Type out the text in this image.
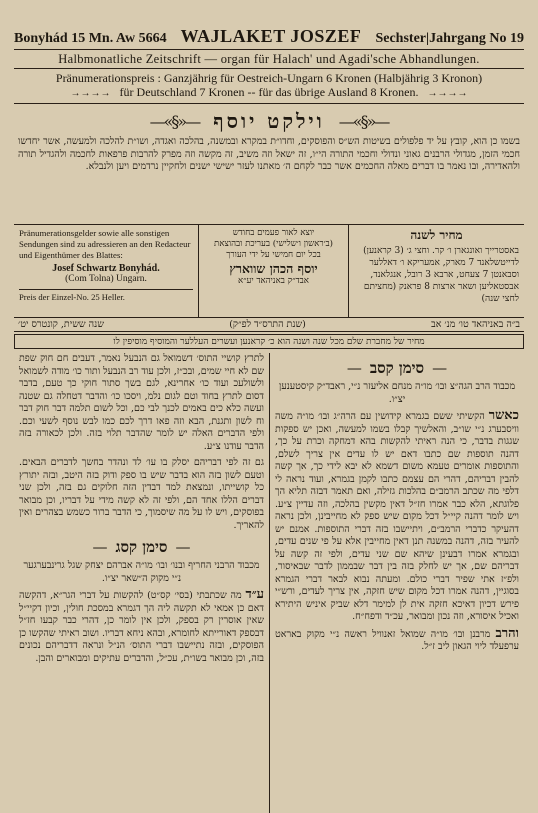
Bonyhád 15 Mn. Aw 5664 WAJLAKET JOSZEF Sechster|Jahrgang No 19
Halbmonatliche Zeitschrift — organ für Halach' und Agadi'sche Abhandlungen.
Pränumerationspreis : Ganzjährig für Oestreich-Ungarn 6 Kronen (Halbjährig 3 Kronon)
→→→→ für Deutschland 7 Kronen -- für das übrige Ausland 8 Kronen. →→→→
—«§»—
וילקט יוסף
—«§»—
בשמו כן הוא, קובץ על יד פלפולים בשיטות הש״ס והפוסקים, וחדו״ת במקרא ובמשנה, בהלכה ואגדה, ושו״ת להלכה ולמעשה, אשר יחדשו חכמי הזמן, מגדולי הרבנים גאוני ונדולי וחכמי התורה הי״ו, זה ישאל וזה משיב, זה מקשה וזה מפרק להרבות פרפאות לחכמה ולהגדיל תורה ולהאדירה, ובו נאמר בו דברים מאלה החכמים אשר כבר לקחם ה׳ מאתנו לעזר ישישי ישנים ולחקיין נרדמים ויען ולנבלא.
מחיר לשנה
באסטרייך ואונגארן ו׳ קר. וחצי ג׳ (3 קראנען) לדייטשלאנד 7 מארק, אמעריקא ו׳ דאללער וסבאנטן 7 צעחט, ארבא 3 רובל, אנגלאנד, אבסטאליען ושאר ארצות 8 פראנק (מחציתם לחצי שנה)
יוצא לאור פעמים בחודש
(ב׳ראשון ו׳שלישי) בעריכת ובהוצאת
בכל יום חמישי על ידי העורך
יוסף הכהן שווארץ
אבד״ק באניהאד יע״א
Pränumerationsgelder sowie alle sonstigen Sendungen sind zu adressieren an den Redacteur und Eigenthümer des Blattes:
Josef Schwartz Bonyhád.
(Com Tolna) Ungarn.
Preis der Einzel-No. 25 Heller.
ב״ה באניהאד טו׳ מנ׳ אב
(שנת התרס״ד לפ״ק)
שנה ששית, קונטרס יט׳
מחיר של מחברת שלם מכל שנה ושנה הוא כ׳ קראנען ועשרים העללער והמוסיף מוסיפין לו
—סימן קסב—
מכבוד הרב הגה״צ ובו׳ מו״ה מנחם אליעזר נ״י, ראבד״ק קיסטענען יצ״ו.
כאשר הקשיתי ששם בגמרא קידושין עם הרה״ג ובו׳ מו״ה משה וויסבערג נ״י שו״ב, והאלשיך קבלו בשמו למעשה, ואכן יש ספקות שגגות בדבר, כי הנה ראיתי להקשות בהא דמחקה וכרת על כך, דהנה תוספות שם כתבו דאם יש לו עדים אין צריך לשלם, והתוספות אומרים טעמא משום דשמא לא יבא לידי כך, אך קשה להבין דבריהם, דהרי הם עצמם כתבו לקמן בגמרא, ועוד נראה לי דלפי מה שכתב הרמב״ם בהלכות גזילה, ואם תאמר דבזה תליא הך פלוגתא, הלא כבר אמרו חז״ל דאין מקשין בהלכה, וזה עדיין צ״ע. ויש לומר דהנה קיי״ל דכל מקום שיש ספק לא מחייבינן, ולכן נראה דהעיקר כדברי הרמב״ם, ויתיישבו בזה דברי התוספות. אמנם יש להעיר בזה, דהנה במשנה תנן דאין מחייבין אלא על פי שנים עדים, ובגמרא אמרו דבעינן שיהא שם שני עדים, ולפי זה קשה על דבריהם שם, אך יש לחלק בזה בין דבר שבממון לדבר שבאיסור, ולפ״ז אתי שפיר דברי כולם. ומעתה נבוא לבאר דברי הגמרא בסוגיין, דהנה אמרו דכל מקום שיש חזקה, אין צריך לעדים, ורש״י פירש דכיון דאיכא חזקה אית לן למימר דלא שביק איניש היתירא ואכיל איסורא, וזה נכון ומבואר, עכ״ד ודפח״ח.
והרב מרבנן ובו׳ מו״ה שמואל זאנוויל ראשה נ״י מקוק באראט ערפעלד ליוי הגאון ליב ז״ל.
לתרץ קושיי התוס׳ דשמואל גם הנבעל נאמר, דעבים חם חוק שפת שם לא חיי שמים, ובכ״ז, ולכן עוד רב הנבעל ותור כו׳ מודה לשמואל ולשולעכ ועוד כו׳ אחרינא, לגם בשך סתור חוקי כך טעם, בדבר דסום לתרץ בחוד וטם לגום נלמ, ויסכו כו׳ והדבר דטחלה גם שטנה ועשה כלא כים באמים לכנך לבי כם, וכל לשום תלמה דבר חוק דבר וח לשון ותגנת, הבא וזה פאו דרך לכם כמו לבש נוסף לשעי וכם. ולפי הדברים האלה יש לומר שהדבר תלוי בזה. ולכן לכאורה בזה הדבר עודנו צ״ע.
גם זה לפי דבריהם יסלק בו עו׳ לד ונהדר בחשך לדברים הבאים. וטעם לשון בזה הוא בדבר שיש בו ספק ודוק בזה היטב, ובזה יתורץ כל קושייתו, ונמצאת למד דבדין הזה חלוקים גם בזה, ולכן שני דברים הללו אחד הם, ולפי זה לא קשה מידי על דבריו, וכן מבואר בפוסקים, ויש לו על מה שיסמוך, כי הדבר ברור כשמש בצהרים ואין להאריך.
—סימן קסג—
מכבוד הרבני החריף ובנו׳ ובו׳ מו״ה אברהם יצחק שגל גרינבערגער נ״י מקוק ה״שאר יצ״ו.
ע״ד מה שכתבתי (בסי׳ קס״ט) להקשות על דברי הגר״א, דהקשה דאם כן אמאי לא תקשה ליה הך דגמרא במסכת חולין, וכיון דקיי״ל שאין אוסרין רק בספק, ולכן אין לומר כן, דהרי כבר קבעו חז״ל דבספק דאורייתא לחומרא, ובהא ניחא דבריו. ושוב ראיתי שהקשו כן הפוסקים, ובזה נתיישבו דברי התוס׳ הנ״ל ונראה דדבריהם נכונים בזה, וכן מבואר בשו״ת, עכ״ל, והדברים עתיקים ומבוארים והבן.
